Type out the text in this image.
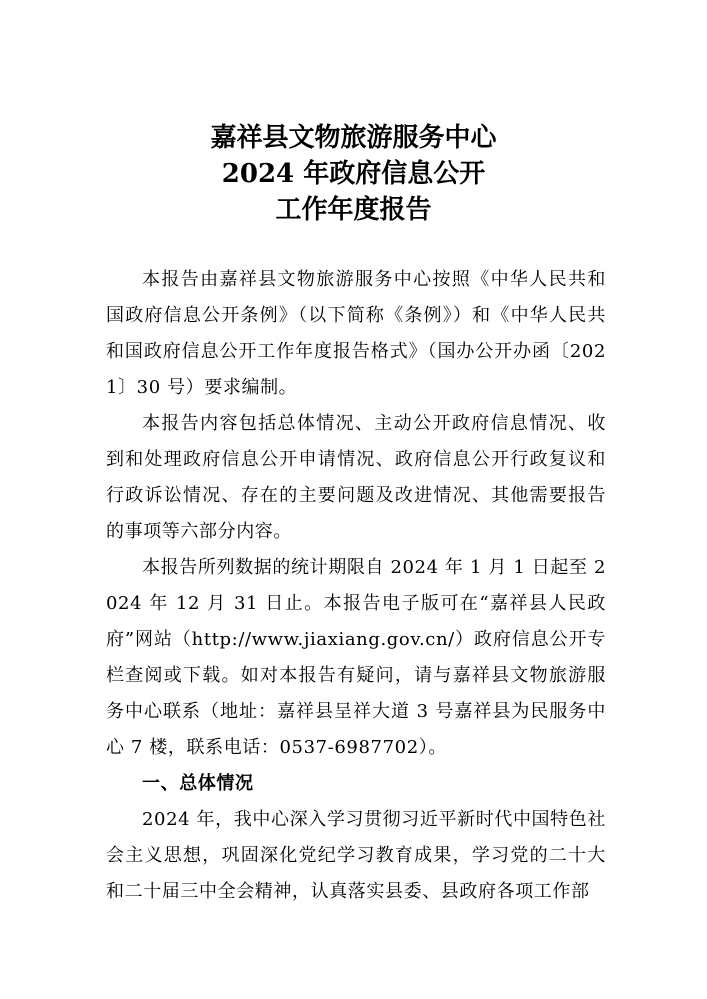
嘉祥县文物旅游服务中心
2024 年政府信息公开
工作年度报告

本报告由嘉祥县文物旅游服务中心按照《中华人民共和国政府信息公开条例》（以下简称《条例》）和《中华人民共和国政府信息公开工作年度报告格式》（国办公开办函〔2021〕30 号）要求编制。

本报告内容包括总体情况、主动公开政府信息情况、收到和处理政府信息公开申请情况、政府信息公开行政复议和行政诉讼情况、存在的主要问题及改进情况、其他需要报告的事项等六部分内容。

本报告所列数据的统计期限自 2024 年 1 月 1 日起至 2024 年 12 月 31 日止。本报告电子版可在“嘉祥县人民政府”网站（http://www.jiaxiang.gov.cn/）政府信息公开专栏查阅或下载。如对本报告有疑问，请与嘉祥县文物旅游服务中心联系（地址：嘉祥县呈祥大道 3 号嘉祥县为民服务中心 7 楼，联系电话：0537-6987702）。

一、总体情况

2024 年，我中心深入学习贯彻习近平新时代中国特色社会主义思想，巩固深化党纪学习教育成果，学习党的二十大和二十届三中全会精神，认真落实县委、县政府各项工作部
